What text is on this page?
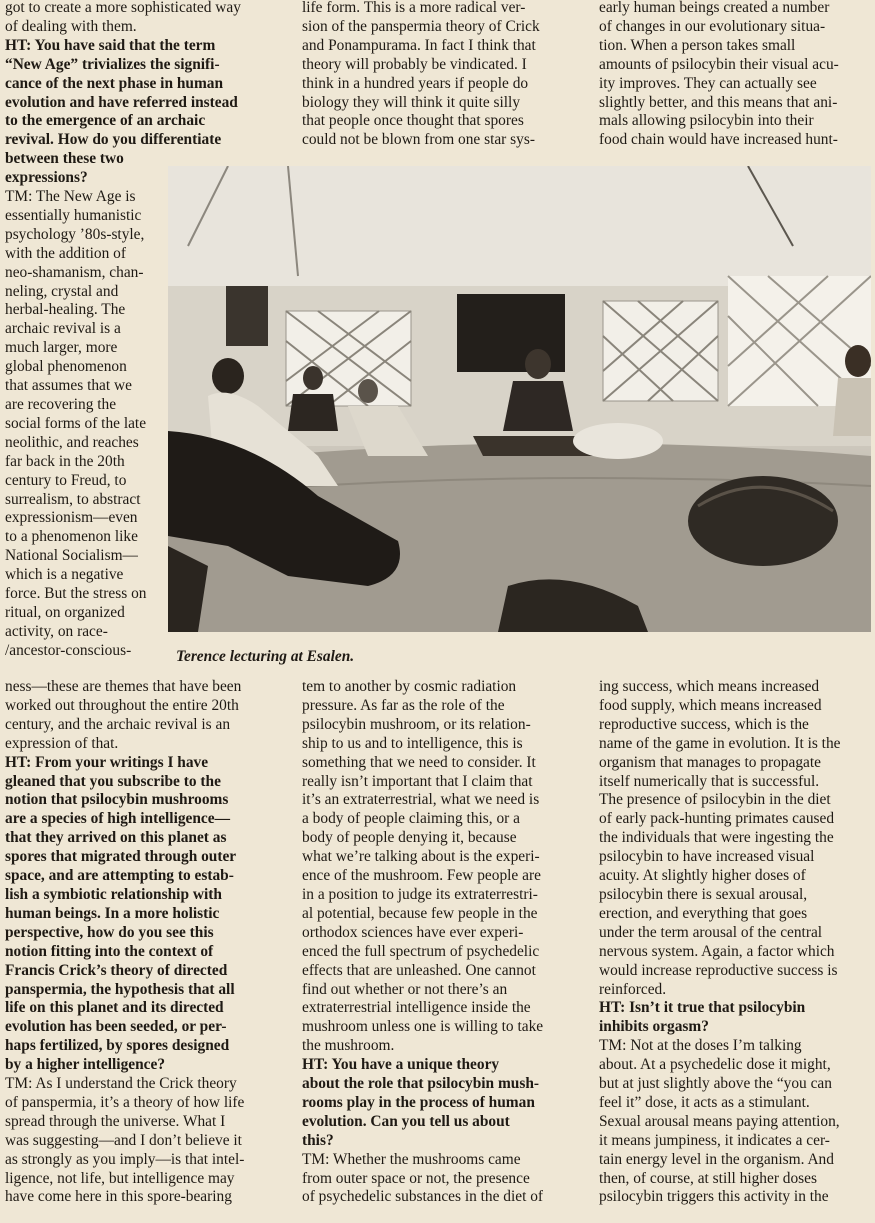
got to create a more sophisticated way

of dealing with them.

HT: You have said that the term

“New Age” trivializes the signifi-

cance of the next phase in human

evolution and have referred instead

to the emergence of an archaic

revival. How do you differentiate

between these two

expressions?

life form. This is a more radical ver-

sion of the panspermia theory of Crick

and Ponampurama. In fact I think that

theory will probably be vindicated. I

think in a hundred years if people do

biology they will think it quite silly

that people once thought that spores

could not be blown from one star sys-

early human beings created a number

of changes in our evolutionary situa-

tion. When a person takes small

amounts of psilocybin their visual acu-

ity improves. They can actually see

slightly better, and this means that ani-

mals allowing psilocybin into their

food chain would have increased hunt-

TM: The New Age is

essentially humanistic

psychology ’80s-style,

with the addition of

neo-shamanism, chan-

neling, crystal and

herbal-healing. The

archaic revival is a

much larger, more

global phenomenon

that assumes that we

are recovering the

social forms of the late

neolithic, and reaches

far back in the 20th

century to Freud, to

surrealism, to abstract

expressionism—even

to a phenomenon like

National Socialism—

which is a negative

force. But the stress on

ritual, on organized

activity, on race-

/ancestor-conscious-	Terence lecturing at Esalen.

ness—these are themes that have been

worked out throughout the entire 20th

century, and the archaic revival is an

expression of that.

HT: From your writings I have

gleaned that you subscribe to the

notion that psilocybin mushrooms

are a species of high intelligence—

that they arrived on this planet as

spores that migrated through outer

space, and are attempting to estab-

lish a symbiotic relationship with

human beings. In a more holistic

perspective, how do you see this

notion fitting into the context of

Francis Crick’s theory of directed

panspermia, the hypothesis that all

life on this planet and its directed

evolution has been seeded, or per-

haps fertilized, by spores designed

by a higher intelligence?

TM: As I understand the Crick theory

of panspermia, it’s a theory of how life

spread through the universe. What I

was suggesting—and I don’t believe it

as strongly as you imply—is that intel-

ligence, not life, but intelligence may

have come here in this spore-bearing

tem to another by cosmic radiation

pressure. As far as the role of the

psilocybin mushroom, or its relation-

ship to us and to intelligence, this is

something that we need to consider. It

really isn’t important that I claim that

it’s an extraterrestrial, what we need is

a body of people claiming this, or a

body of people denying it, because

what we’re talking about is the experi-

ence of the mushroom. Few people are

in a position to judge its extraterrestri-

al potential, because few people in the

orthodox sciences have ever experi-

enced the full spectrum of psychedelic

effects that are unleashed. One cannot

find out whether or not there’s an

extraterrestrial intelligence inside the

mushroom unless one is willing to take

the mushroom.

HT: You have a unique theory

about the role that psilocybin mush-

rooms play in the process of human

evolution. Can you tell us about

this?

TM: Whether the mushrooms came

from outer space or not, the presence

of psychedelic substances in the diet of

ing success, which means increased

food supply, which means increased

reproductive success, which is the

name of the game in evolution. It is the

organism that manages to propagate

itself numerically that is successful.

The presence of psilocybin in the diet

of early pack-hunting primates caused

the individuals that were ingesting the

psilocybin to have increased visual

acuity. At slightly higher doses of

psilocybin there is sexual arousal,

erection, and everything that goes

under the term arousal of the central

nervous system. Again, a factor which

would increase reproductive success is

reinforced.

HT: Isn’t it true that psilocybin

inhibits orgasm?

TM: Not at the doses I’m talking

about. At a psychedelic dose it might,

but at just slightly above the “you can

feel it” dose, it acts as a stimulant.

Sexual arousal means paying attention,

it means jumpiness, it indicates a cer-

tain energy level in the organism. And

then, of course, at still higher doses

psilocybin triggers this activity in the
